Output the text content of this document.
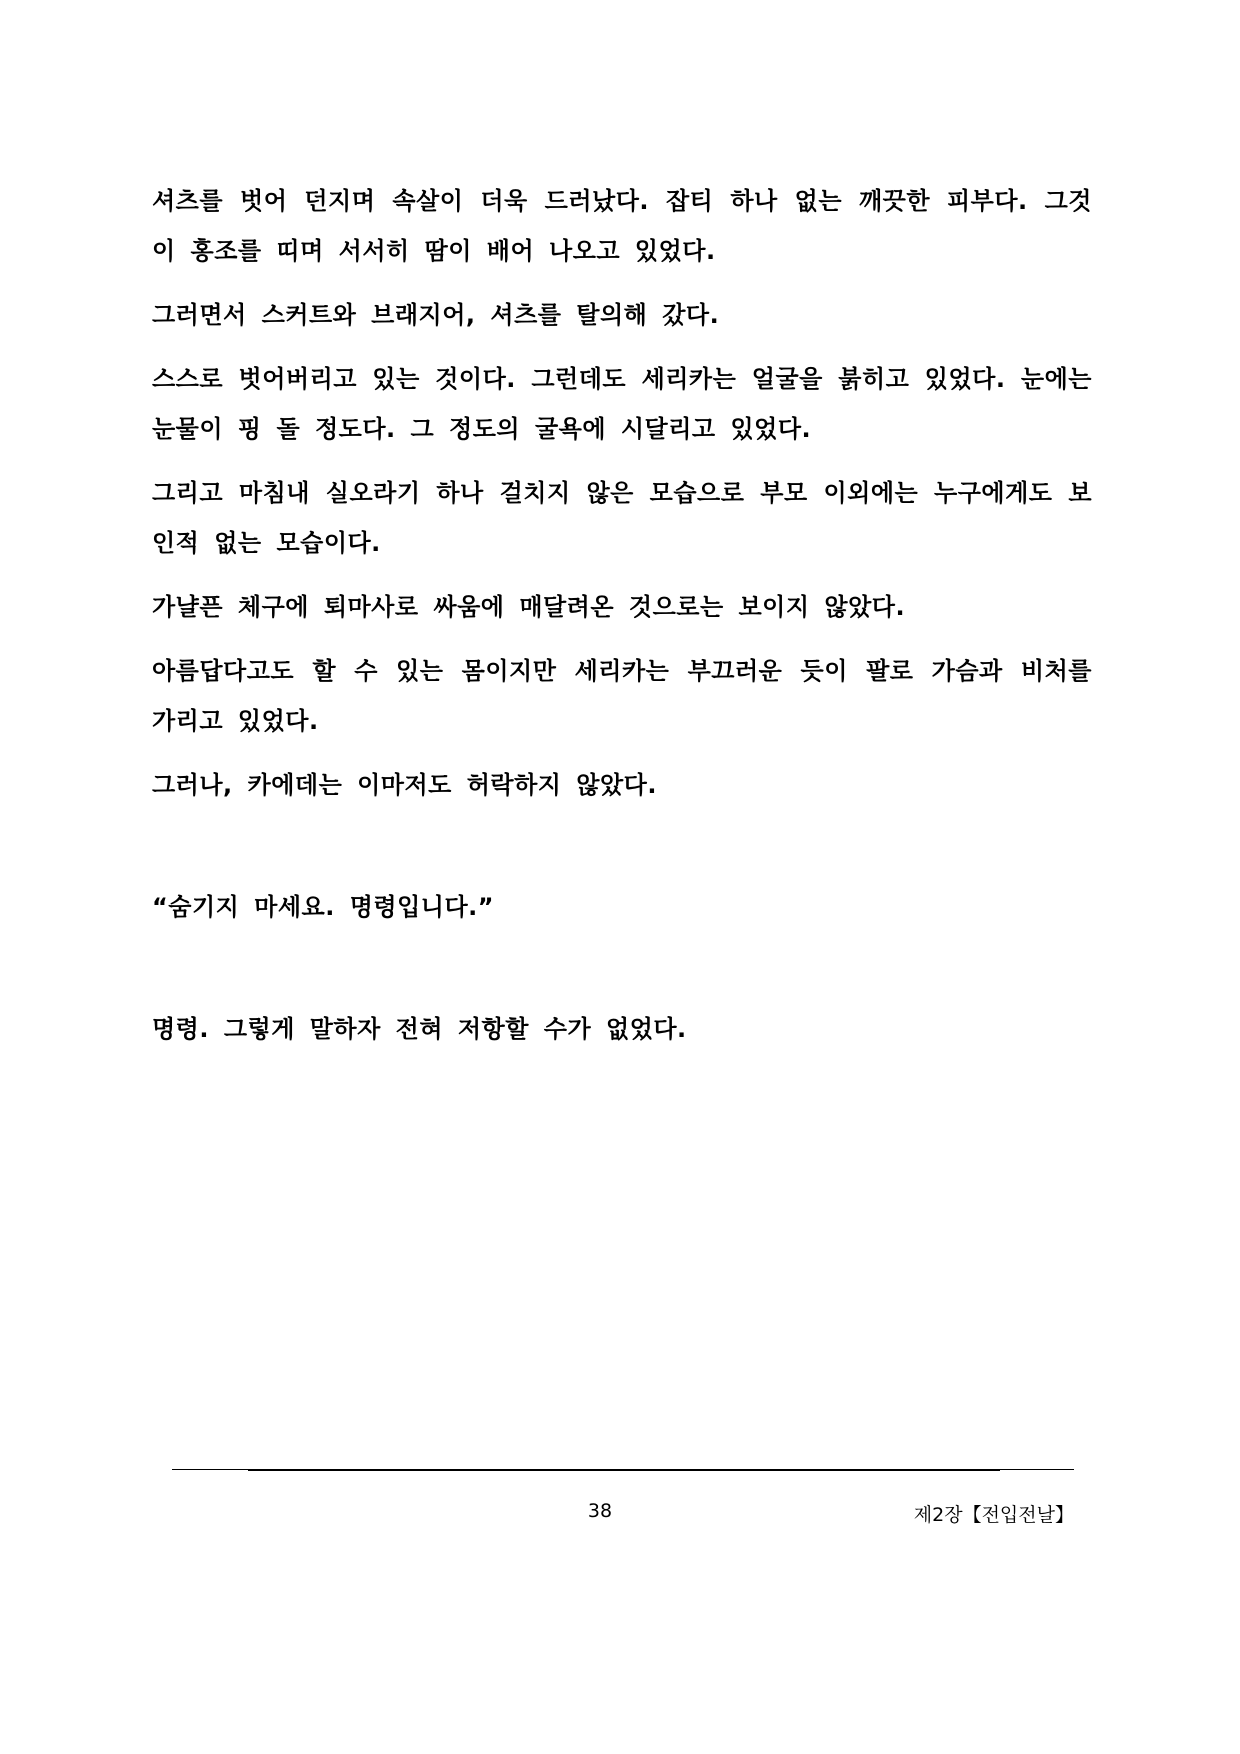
셔츠를 벗어 던지며 속살이 더욱 드러났다. 잡티 하나 없는 깨끗한 피부다. 그것이 홍조를 띠며 서서히 땀이 배어 나오고 있었다.

그러면서 스커트와 브래지어, 셔츠를 탈의해 갔다.

스스로 벗어버리고 있는 것이다. 그런데도 세리카는 얼굴을 붉히고 있었다. 눈에는 눈물이 핑 돌 정도다. 그 정도의 굴욕에 시달리고 있었다.

그리고 마침내 실오라기 하나 걸치지 않은 모습으로 부모 이외에는 누구에게도 보인적 없는 모습이다.

가냘픈 체구에 퇴마사로 싸움에 매달려온 것으로는 보이지 않았다.

아름답다고도 할 수 있는 몸이지만 세리카는 부끄러운 듯이 팔로 가슴과 비처를 가리고 있었다.

그러나, 카에데는 이마저도 허락하지 않았다.

“숨기지 마세요. 명령입니다.”

명령. 그렇게 말하자 전혀 저항할 수가 없었다.

38	제2장【전입전날】
